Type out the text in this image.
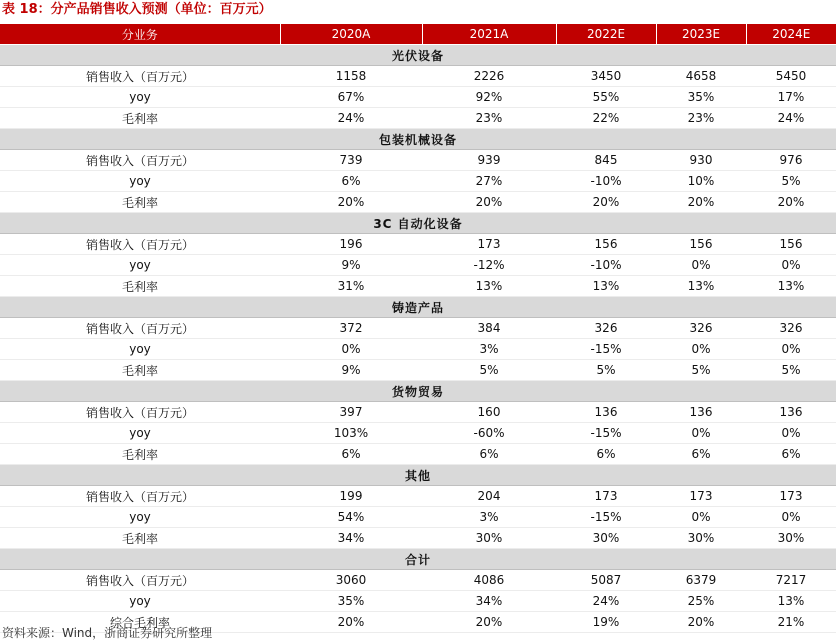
表 18：分产品销售收入预测（单位：百万元）
分业务	2020A	2021A	2022E	2023E	2024E
光伏设备					
销售收入（百万元）	1158	2226	3450	4658	5450
yoy	67%	92%	55%	35%	17%
毛利率	24%	23%	22%	23%	24%
包装机械设备					
销售收入（百万元）	739	939	845	930	976
yoy	6%	27%	-10%	10%	5%
毛利率	20%	20%	20%	20%	20%
3C 自动化设备					
销售收入（百万元）	196	173	156	156	156
yoy	9%	-12%	-10%	0%	0%
毛利率	31%	13%	13%	13%	13%
铸造产品					
销售收入（百万元）	372	384	326	326	326
yoy	0%	3%	-15%	0%	0%
毛利率	9%	5%	5%	5%	5%
货物贸易					
销售收入（百万元）	397	160	136	136	136
yoy	103%	-60%	-15%	0%	0%
毛利率	6%	6%	6%	6%	6%
其他					
销售收入（百万元）	199	204	173	173	173
yoy	54%	3%	-15%	0%	0%
毛利率	34%	30%	30%	30%	30%
合计					
销售收入（百万元）	3060	4086	5087	6379	7217
yoy	35%	34%	24%	25%	13%
综合毛利率	20%	20%	19%	20%	21%
资料来源：Wind，浙商证券研究所整理
